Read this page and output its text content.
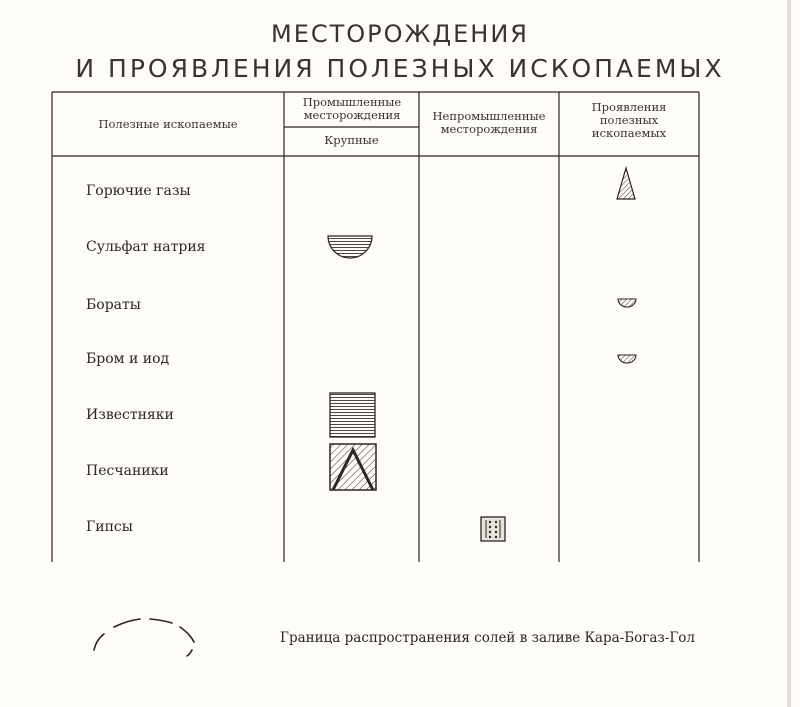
МЕСТОРОЖДЕНИЯ
И ПРОЯВЛЕНИЯ ПОЛЕЗНЫХ ИСКОПАЕМЫХ
Полезные ископаемые
Промышленные месторождения
Крупные
Непромышленные месторождения
Проявления полезных ископаемых
Горючие газы
Сульфат натрия
Бораты
Бром и иод
Известняки
Песчаники
Гипсы
Граница распространения солей в заливе Кара-Богаз-Гол
